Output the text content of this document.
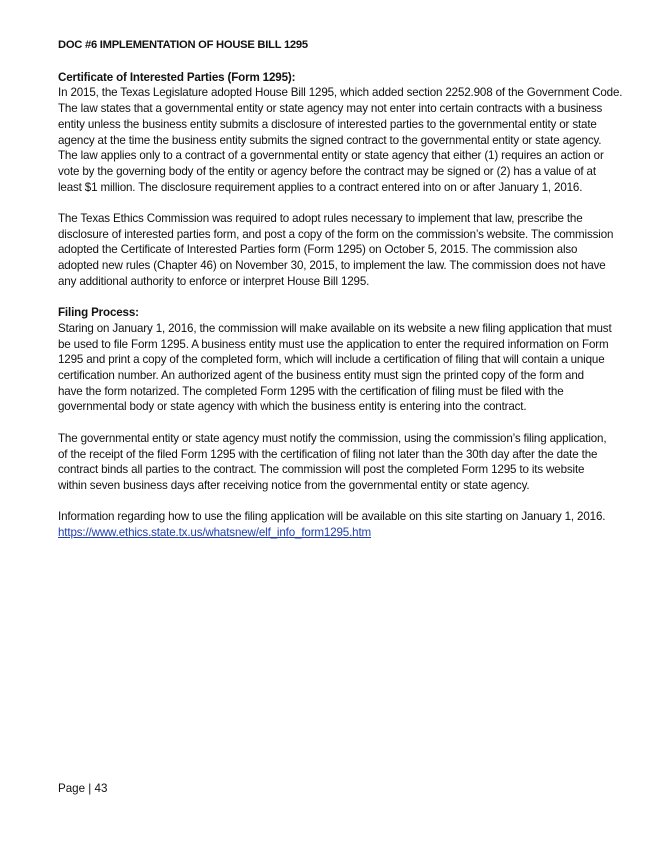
DOC #6 IMPLEMENTATION OF HOUSE BILL 1295

Certificate of Interested Parties (Form 1295):

In 2015, the Texas Legislature adopted House Bill 1295, which added section 2252.908 of the Government Code.
The law states that a governmental entity or state agency may not enter into certain contracts with a business
entity unless the business entity submits a disclosure of interested parties to the governmental entity or state
agency at the time the business entity submits the signed contract to the governmental entity or state agency.
The law applies only to a contract of a governmental entity or state agency that either (1) requires an action or
vote by the governing body of the entity or agency before the contract may be signed or (2) has a value of at
least $1 million. The disclosure requirement applies to a contract entered into on or after January 1, 2016.

The Texas Ethics Commission was required to adopt rules necessary to implement that law, prescribe the
disclosure of interested parties form, and post a copy of the form on the commission’s website. The commission
adopted the Certificate of Interested Parties form (Form 1295) on October 5, 2015. The commission also
adopted new rules (Chapter 46) on November 30, 2015, to implement the law. The commission does not have
any additional authority to enforce or interpret House Bill 1295.

Filing Process:

Staring on January 1, 2016, the commission will make available on its website a new filing application that must
be used to file Form 1295. A business entity must use the application to enter the required information on Form
1295 and print a copy of the completed form, which will include a certification of filing that will contain a unique
certification number. An authorized agent of the business entity must sign the printed copy of the form and
have the form notarized. The completed Form 1295 with the certification of filing must be filed with the
governmental body or state agency with which the business entity is entering into the contract.

The governmental entity or state agency must notify the commission, using the commission’s filing application,
of the receipt of the filed Form 1295 with the certification of filing not later than the 30th day after the date the
contract binds all parties to the contract. The commission will post the completed Form 1295 to its website
within seven business days after receiving notice from the governmental entity or state agency.

Information regarding how to use the filing application will be available on this site starting on January 1, 2016.
https://www.ethics.state.tx.us/whatsnew/elf_info_form1295.htm

Page | 43
